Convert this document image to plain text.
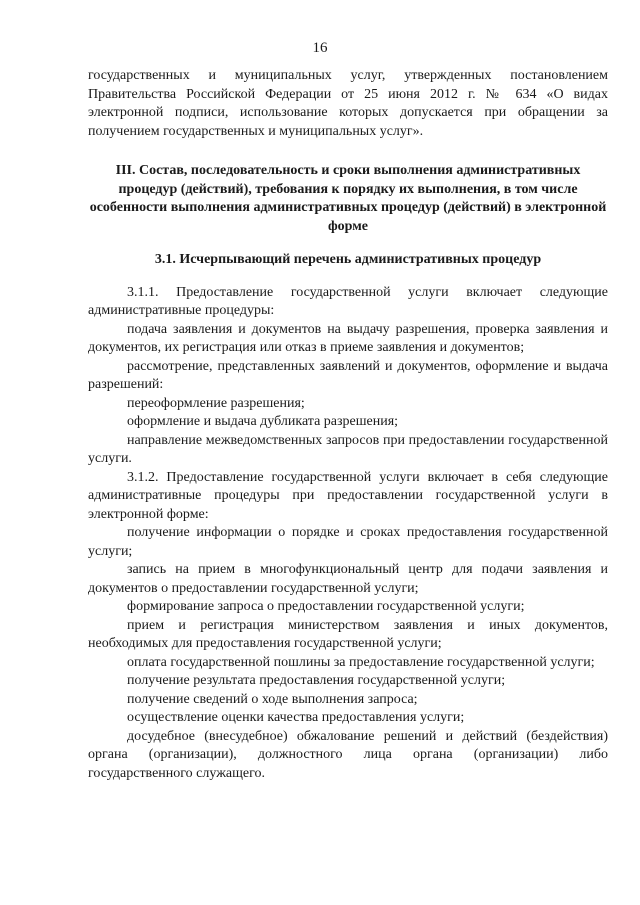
16

государственных и муниципальных услуг, утвержденных постановлением Правительства Российской Федерации от 25 июня 2012 г. № 634 «О видах электронной подписи, использование которых допускается при обращении за получением государственных и муниципальных услуг».

III. Состав, последовательность и сроки выполнения административных процедур (действий), требования к порядку их выполнения, в том числе особенности выполнения административных процедур (действий) в электронной форме
3.1. Исчерпывающий перечень административных процедур

3.1.1. Предоставление государственной услуги включает следующие административные процедуры:

подача заявления и документов на выдачу разрешения, проверка заявления и документов, их регистрация или отказ в приеме заявления и документов;

рассмотрение, представленных заявлений и документов, оформление и выдача разрешений:

переоформление разрешения;

оформление и выдача дубликата разрешения;

направление межведомственных запросов при предоставлении государственной услуги.

3.1.2. Предоставление государственной услуги включает в себя следующие административные процедуры при предоставлении государственной услуги в электронной форме:

получение информации о порядке и сроках предоставления государственной услуги;

запись на прием в многофункциональный центр для подачи заявления и документов о предоставлении государственной услуги;

формирование запроса о предоставлении государственной услуги;

прием и регистрация министерством заявления и иных документов, необходимых для предоставления государственной услуги;

оплата государственной пошлины за предоставление государственной услуги;

получение результата предоставления государственной услуги;

получение сведений о ходе выполнения запроса;

осуществление оценки качества предоставления услуги;

досудебное (внесудебное) обжалование решений и действий (бездействия) органа (организации), должностного лица органа (организации) либо государственного служащего.
